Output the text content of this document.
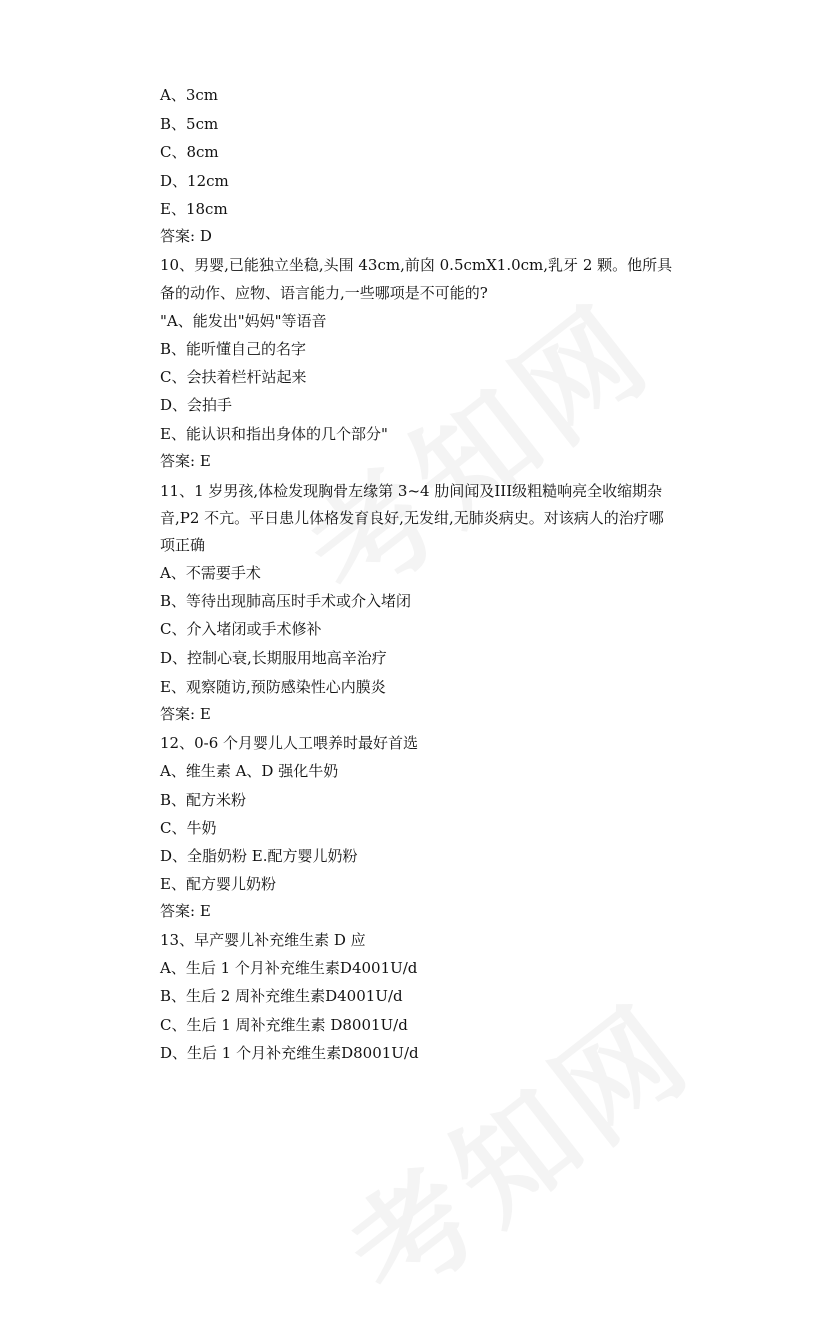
A、3cm
B、5cm
C、8cm
D、12cm
E、18cm
答案: D
10、男婴,已能独立坐稳,头围 43cm,前囟 0.5cmX1.0cm,乳牙 2 颗。他所具
备的动作、应物、语言能力,一些哪项是不可能的?
"A、能发出"妈妈"等语音
B、能听懂自己的名字
C、会扶着栏杆站起来
D、会拍手
E、能认识和指出身体的几个部分"
答案: E
11、1 岁男孩,体检发现胸骨左缘第 3~4 肋间闻及III级粗糙响亮全收缩期杂
音,P2 不亢。平日患儿体格发育良好,无发绀,无肺炎病史。对该病人的治疗哪
项正确
A、不需要手术
B、等待出现肺高压时手术或介入堵闭
C、介入堵闭或手术修补
D、控制心衰,长期服用地高辛治疗
E、观察随访,预防感染性心内膜炎
答案: E
12、0-6 个月婴儿人工喂养时最好首选
A、维生素 A、D 强化牛奶
B、配方米粉
C、牛奶
D、全脂奶粉 E.配方婴儿奶粉
E、配方婴儿奶粉
答案: E
13、早产婴儿补充维生素 D 应
A、生后 1 个月补充维生素D4001U/d
B、生后 2 周补充维生素D4001U/d
C、生后 1 周补充维生素 D8001U/d
D、生后 1 个月补充维生素D8001U/d
